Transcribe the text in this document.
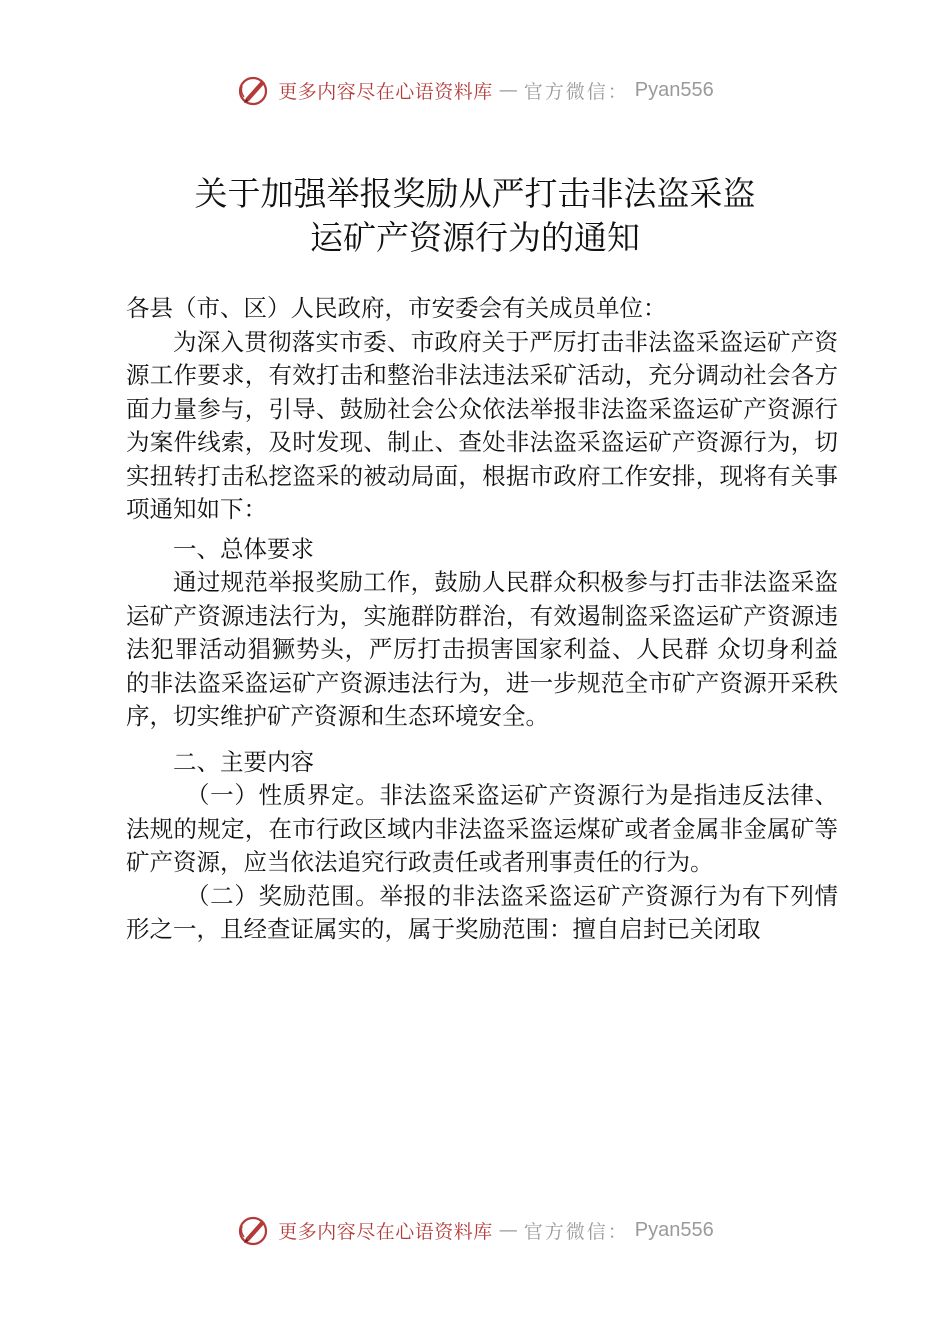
更多内容尽在心语资料库 — 官方微信： Pyan556
关于加强举报奖励从严打击非法盗采盗
运矿产资源行为的通知

各县（市、区）人民政府，市安委会有关成员单位：

为深入贯彻落实市委、市政府关于严厉打击非法盗采盗运矿产资源工作要求，有效打击和整治非法违法采矿活动，充分调动社会各方面力量参与，引导、鼓励社会公众依法举报非法盗采盗运矿产资源行为案件线索，及时发现、制止、查处非法盗采盗运矿产资源行为，切实扭转打击私挖盗采的被动局面，根据市政府工作安排，现将有关事项通知如下：

一、总体要求

通过规范举报奖励工作，鼓励人民群众积极参与打击非法盗采盗运矿产资源违法行为，实施群防群治，有效遏制盗采盗运矿产资源违法犯罪活动猖獗势头，严厉打击损害国家利益、人民群 众切身利益的非法盗采盗运矿产资源违法行为，进一步规范全市矿产资源开采秩序，切实维护矿产资源和生态环境安全。

二、主要内容

（一）性质界定。非法盗采盗运矿产资源行为是指违反法律、法规的规定，在市行政区域内非法盗采盗运煤矿或者金属非金属矿等矿产资源，应当依法追究行政责任或者刑事责任的行为。

（二）奖励范围。举报的非法盗采盗运矿产资源行为有下列情形之一，且经查证属实的，属于奖励范围：擅自启封已关闭取

更多内容尽在心语资料库 — 官方微信： Pyan556
